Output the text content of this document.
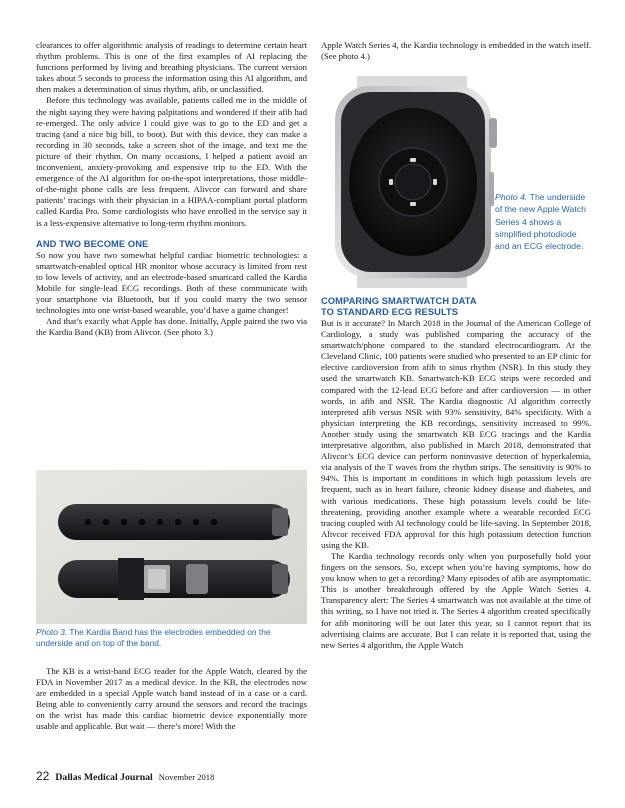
clearances to offer algorithmic analysis of readings to determine certain heart rhythm problems. This is one of the first examples of AI replacing the functions performed by living and breathing physicians. The current version takes about 5 seconds to process the information using this AI algorithm, and then makes a determination of sinus rhythm, afib, or unclassified.

Before this technology was available, patients called me in the middle of the night saying they were having palpitations and wondered if their afib had re-emerged. The only advice I could give was to go to the ED and get a tracing (and a nice big bill, to boot). But with this device, they can make a recording in 30 seconds, take a screen shot of the image, and text me the picture of their rhythm. On many occasions, I helped a patient avoid an inconvenient, anxiety-provoking and expensive trip to the ED. With the emergence of the AI algorithm for on-the-spot interpretations, those middle-of-the-night phone calls are less frequent. Alivcor can forward and share patients’ tracings with their physician in a HIPAA-compliant portal platform called Kardia Pro. Some cardiologists who have enrolled in the service say it is a less-expensive alternative to long-term rhythm monitors.

AND TWO BECOME ONE

So now you have two somewhat helpful cardiac biometric technologies: a smartwatch-enabled optical HR monitor whose accuracy is limited from rest to low levels of activity, and an electrode-based smartcard called the Kardia Mobile for single-lead ECG recordings. Both of these communicate with your smartphone via Bluetooth, but if you could marry the two sensor technologies into one wrist-based wearable, you’d have a game changer!

And that’s exactly what Apple has done. Initially, Apple paired the two via the Kardia Band (KB) from Alivcor. (See photo 3.)

Photo 3. The Kardia Band has the electrodes embedded on the underside and on top of the band.

The KB is a wrist-band ECG reader for the Apple Watch, cleared by the FDA in November 2017 as a medical device. In the KB, the electrodes now are embedded in a special Apple watch band instead of in a case or a card. Being able to conveniently carry around the sensors and record the tracings on the wrist has made this cardiac biometric device exponentially more usable and applicable. But wait — there’s more! With the

Apple Watch Series 4, the Kardia technology is embedded in the watch itself. (See photo 4.)

Photo 4. The underside of the new Apple Watch Series 4 shows a simplified photodiode and an ECG electrode.
COMPARING SMARTWATCH DATA
TO STANDARD ECG RESULTS

But is it accurate? In March 2018 in the Journal of the American College of Cardiology, a study was published comparing the accuracy of the smartwatch/phone compared to the standard electrocardiogram. At the Cleveland Clinic, 100 patients were studied who presented to an EP clinic for elective cardioversion from afib to sinus rhythm (NSR). In this study they used the smartwatch KB. Smartwatch-KB ECG strips were recorded and compared with the 12-lead ECG before and after cardioversion — in other words, in afib and NSR. The Kardia diagnostic AI algorithm correctly interpreted afib versus NSR with 93% sensitivity, 84% specificity. With a physician interpreting the KB recordings, sensitivity increased to 99%. Another study using the smartwatch KB ECG tracings and the Kardia interpretative algorithm, also published in March 2018, demonstrated that Alivcor’s ECG device can perform noninvasive detection of hyperkalemia, via analysis of the T waves from the rhythm strips. The sensitivity is 90% to 94%. This is important in conditions in which high potassium levels are frequent, such as in heart failure, chronic kidney disease and diabetes, and with various medications. These high potassium levels could be life-threatening, providing another example where a wearable recorded ECG tracing coupled with AI technology could be life-saving. In September 2018, Alivcor received FDA approval for this high potassium detection function using the KB.

The Kardia technology records only when you purposefully hold your fingers on the sensors. So, except when you’re having symptoms, how do you know when to get a recording? Many episodes of afib are asymptomatic. This is another breakthrough offered by the Apple Watch Series 4. Transparency alert: The Series 4 smartwatch was not available at the time of this writing, so I have not tried it. The Series 4 algorithm created specifically for afib monitoring will be out later this year, so I cannot report that its advertising claims are accurate. But I can relate it is reported that, using the new Series 4 algorithm, the Apple Watch

22 Dallas Medical Journal November 2018
